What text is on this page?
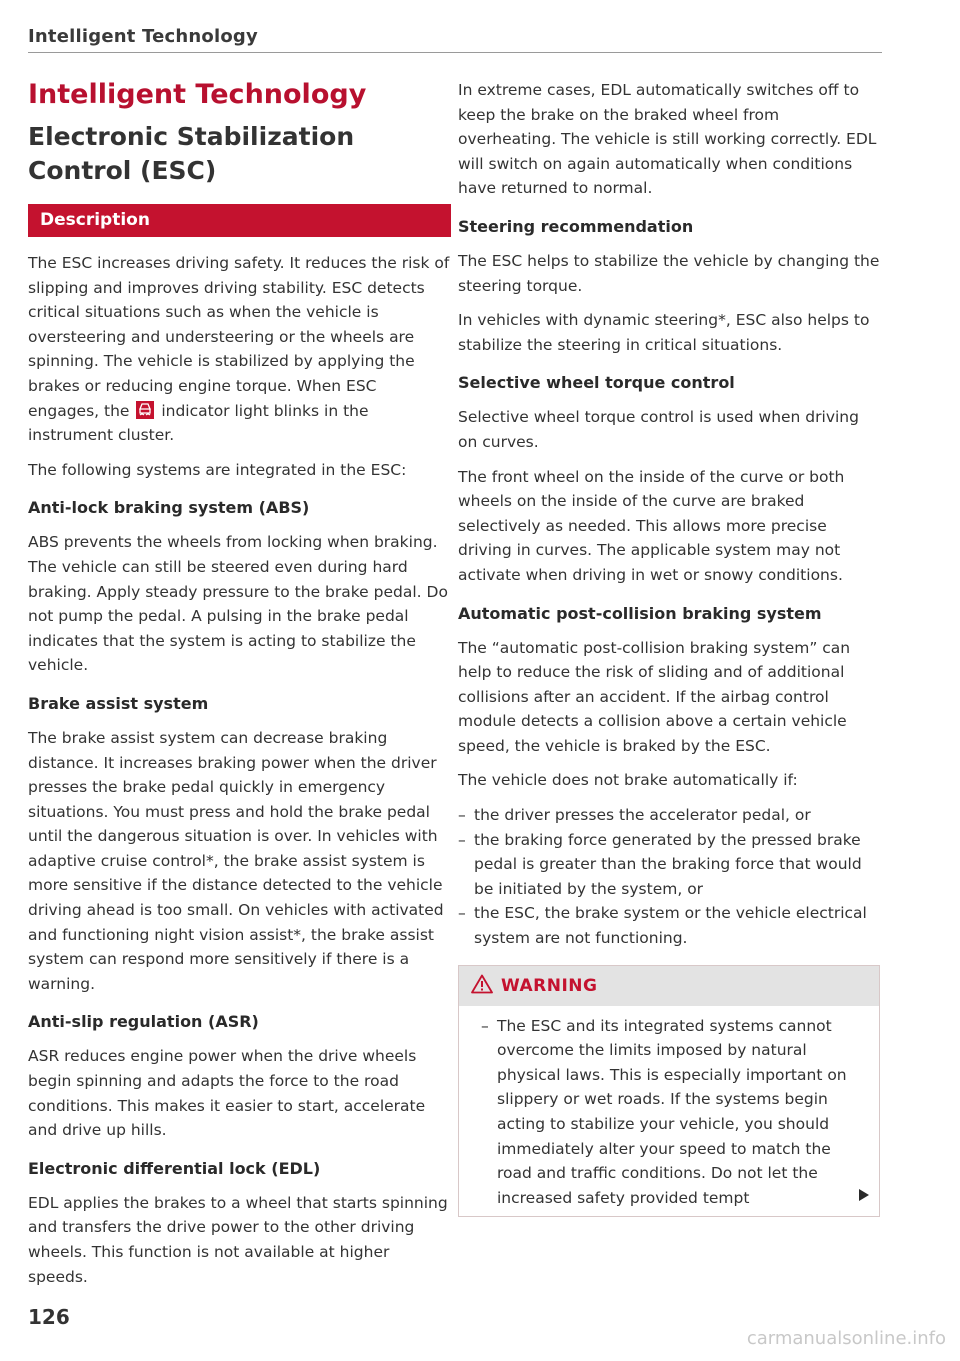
Intelligent Technology
Intelligent Technology
Electronic Stabilization Control (ESC)
Description

The ESC increases driving safety. It reduces the risk of slipping and improves driving stability. ESC detects critical situations such as when the vehicle is oversteering and understeering or the wheels are spinning. The vehicle is stabilized by applying the brakes or reducing engine torque. When ESC engages, the indicator light blinks in the instrument cluster.

The following systems are integrated in the ESC:

Anti-lock braking system (ABS)

ABS prevents the wheels from locking when braking. The vehicle can still be steered even during hard braking. Apply steady pressure to the brake pedal. Do not pump the pedal. A pulsing in the brake pedal indicates that the system is acting to stabilize the vehicle.

Brake assist system

The brake assist system can decrease braking distance. It increases braking power when the driver presses the brake pedal quickly in emergency situations. You must press and hold the brake pedal until the dangerous situation is over. In vehicles with adaptive cruise control*, the brake assist system is more sensitive if the distance detected to the vehicle driving ahead is too small. On vehicles with activated and functioning night vision assist*, the brake assist system can respond more sensitively if there is a warning.

Anti-slip regulation (ASR)

ASR reduces engine power when the drive wheels begin spinning and adapts the force to the road conditions. This makes it easier to start, accelerate and drive up hills.

Electronic differential lock (EDL)

EDL applies the brakes to a wheel that starts spinning and transfers the drive power to the other driving wheels. This function is not available at higher speeds.

In extreme cases, EDL automatically switches off to keep the brake on the braked wheel from overheating. The vehicle is still working correctly. EDL will switch on again automatically when conditions have returned to normal.

Steering recommendation

The ESC helps to stabilize the vehicle by changing the steering torque.

In vehicles with dynamic steering*, ESC also helps to stabilize the steering in critical situations.

Selective wheel torque control

Selective wheel torque control is used when driving on curves.

The front wheel on the inside of the curve or both wheels on the inside of the curve are braked selectively as needed. This allows more precise driving in curves. The applicable system may not activate when driving in wet or snowy conditions.

Automatic post-collision braking system

The “automatic post-collision braking system” can help to reduce the risk of sliding and of additional collisions after an accident. If the airbag control module detects a collision above a certain vehicle speed, the vehicle is braked by the ESC.

The vehicle does not brake automatically if:

– the driver presses the accelerator pedal, or
– the braking force generated by the pressed brake pedal is greater than the braking force that would be initiated by the system, or
– the ESC, the brake system or the vehicle electrical system are not functioning.
WARNING
– The ESC and its integrated systems cannot overcome the limits imposed by natural physical laws. This is especially important on slippery or wet roads. If the systems begin acting to stabilize your vehicle, you should immediately alter your speed to match the road and traffic conditions. Do not let the increased safety provided tempt
126
carmanualsonline.info
